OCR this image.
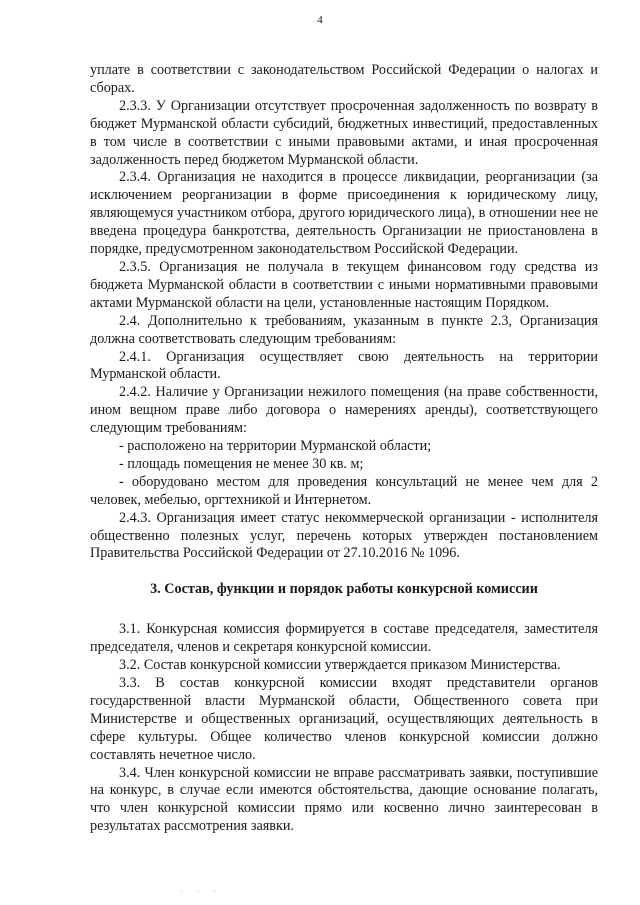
4

уплате в соответствии с законодательством Российской Федерации о налогах и сборах.

2.3.3. У Организации отсутствует просроченная задолженность по возврату в бюджет Мурманской области субсидий, бюджетных инвестиций, предоставленных в том числе в соответствии с иными правовыми актами, и иная просроченная задолженность перед бюджетом Мурманской области.

2.3.4. Организация не находится в процессе ликвидации, реорганизации (за исключением реорганизации в форме присоединения к юридическому лицу, являющемуся участником отбора, другого юридического лица), в отношении нее не введена процедура банкротства, деятельность Организации не приостановлена в порядке, предусмотренном законодательством Российской Федерации.

2.3.5. Организация не получала в текущем финансовом году средства из бюджета Мурманской области в соответствии с иными нормативными правовыми актами Мурманской области на цели, установленные настоящим Порядком.

2.4. Дополнительно к требованиям, указанным в пункте 2.3, Организация должна соответствовать следующим требованиям:

2.4.1. Организация осуществляет свою деятельность на территории Мурманской области.

2.4.2. Наличие у Организации нежилого помещения (на праве собственности, ином вещном праве либо договора о намерениях аренды), соответствующего следующим требованиям:

- расположено на территории Мурманской области;

- площадь помещения не менее 30 кв. м;

- оборудовано местом для проведения консультаций не менее чем для 2 человек, мебелью, оргтехникой и Интернетом.

2.4.3. Организация имеет статус некоммерческой организации - исполнителя общественно полезных услуг, перечень которых утвержден постановлением Правительства Российской Федерации от 27.10.2016 № 1096.

3. Состав, функции и порядок работы конкурсной комиссии

3.1. Конкурсная комиссия формируется в составе председателя, заместителя председателя, членов и секретаря конкурсной комиссии.

3.2. Состав конкурсной комиссии утверждается приказом Министерства.

3.3. В состав конкурсной комиссии входят представители органов государственной власти Мурманской области, Общественного совета при Министерстве и общественных организаций, осуществляющих деятельность в сфере культуры. Общее количество членов конкурсной комиссии должно составлять нечетное число.

3.4. Член конкурсной комиссии не вправе рассматривать заявки, поступившие на конкурс, в случае если имеются обстоятельства, дающие основание полагать, что член конкурсной комиссии прямо или косвенно лично заинтересован в результатах рассмотрения заявки.

· · ·
